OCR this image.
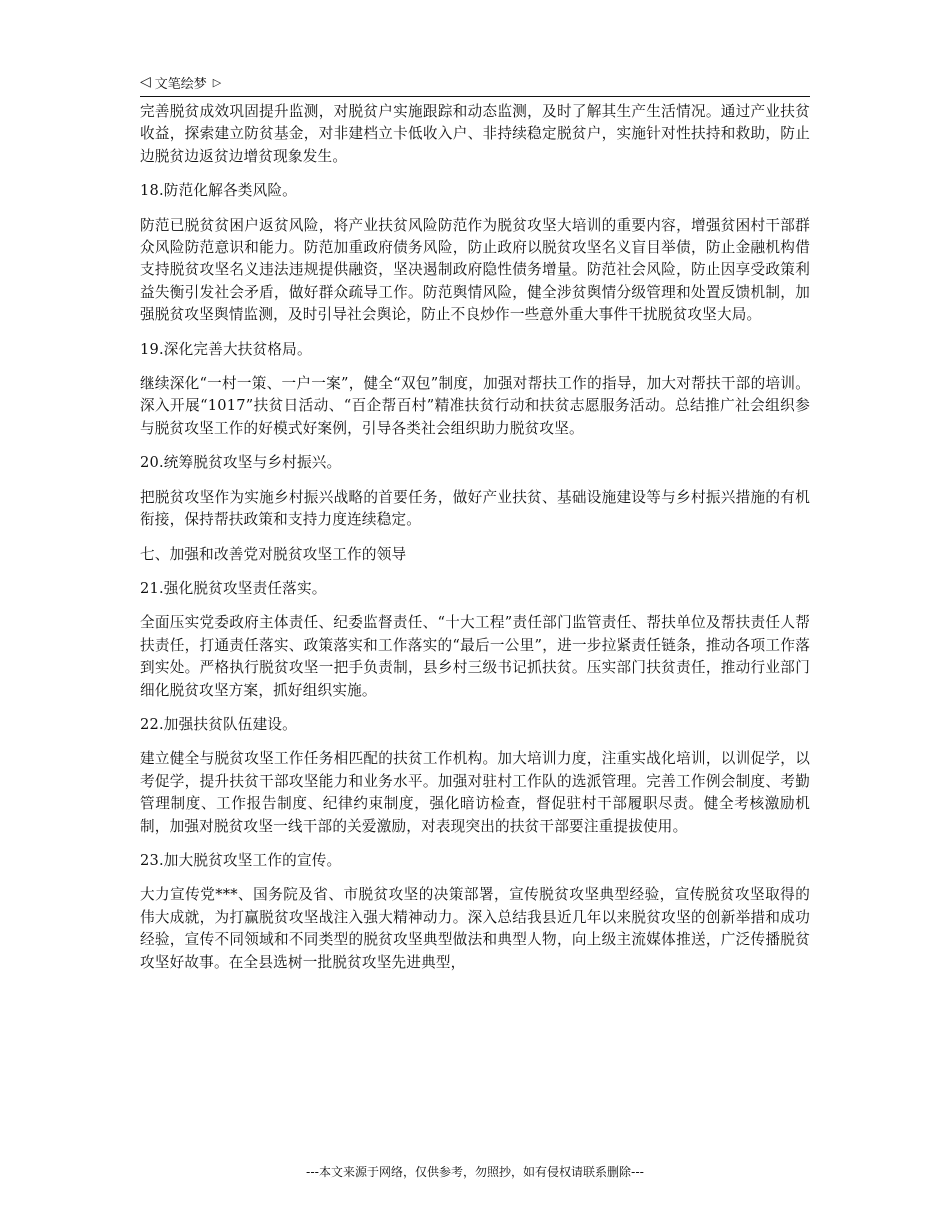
◁ 文笔绘梦 ▷

完善脱贫成效巩固提升监测，对脱贫户实施跟踪和动态监测，及时了解其生产生活情况。通过产业扶贫收益，探索建立防贫基金，对非建档立卡低收入户、非持续稳定脱贫户，实施针对性扶持和救助，防止边脱贫边返贫边增贫现象发生。

18.防范化解各类风险。

防范已脱贫贫困户返贫风险，将产业扶贫风险防范作为脱贫攻坚大培训的重要内容，增强贫困村干部群众风险防范意识和能力。防范加重政府债务风险，防止政府以脱贫攻坚名义盲目举债，防止金融机构借支持脱贫攻坚名义违法违规提供融资，坚决遏制政府隐性债务增量。防范社会风险，防止因享受政策利益失衡引发社会矛盾，做好群众疏导工作。防范舆情风险，健全涉贫舆情分级管理和处置反馈机制，加强脱贫攻坚舆情监测，及时引导社会舆论，防止不良炒作一些意外重大事件干扰脱贫攻坚大局。

19.深化完善大扶贫格局。

继续深化“一村一策、一户一案”，健全“双包”制度，加强对帮扶工作的指导，加大对帮扶干部的培训。深入开展“1017”扶贫日活动、“百企帮百村”精准扶贫行动和扶贫志愿服务活动。总结推广社会组织参与脱贫攻坚工作的好模式好案例，引导各类社会组织助力脱贫攻坚。

20.统筹脱贫攻坚与乡村振兴。

把脱贫攻坚作为实施乡村振兴战略的首要任务，做好产业扶贫、基础设施建设等与乡村振兴措施的有机衔接，保持帮扶政策和支持力度连续稳定。

七、加强和改善党对脱贫攻坚工作的领导

21.强化脱贫攻坚责任落实。

全面压实党委政府主体责任、纪委监督责任、“十大工程”责任部门监管责任、帮扶单位及帮扶责任人帮扶责任，打通责任落实、政策落实和工作落实的“最后一公里”，进一步拉紧责任链条，推动各项工作落到实处。严格执行脱贫攻坚一把手负责制，县乡村三级书记抓扶贫。压实部门扶贫责任，推动行业部门细化脱贫攻坚方案，抓好组织实施。

22.加强扶贫队伍建设。

建立健全与脱贫攻坚工作任务相匹配的扶贫工作机构。加大培训力度，注重实战化培训，以训促学，以考促学，提升扶贫干部攻坚能力和业务水平。加强对驻村工作队的选派管理。完善工作例会制度、考勤管理制度、工作报告制度、纪律约束制度，强化暗访检查，督促驻村干部履职尽责。健全考核激励机制，加强对脱贫攻坚一线干部的关爱激励，对表现突出的扶贫干部要注重提拔使用。

23.加大脱贫攻坚工作的宣传。

大力宣传党***、国务院及省、市脱贫攻坚的决策部署，宣传脱贫攻坚典型经验，宣传脱贫攻坚取得的伟大成就，为打赢脱贫攻坚战注入强大精神动力。深入总结我县近几年以来脱贫攻坚的创新举措和成功经验，宣传不同领域和不同类型的脱贫攻坚典型做法和典型人物，向上级主流媒体推送，广泛传播脱贫攻坚好故事。在全县选树一批脱贫攻坚先进典型，

---本文来源于网络，仅供参考，勿照抄，如有侵权请联系删除---
